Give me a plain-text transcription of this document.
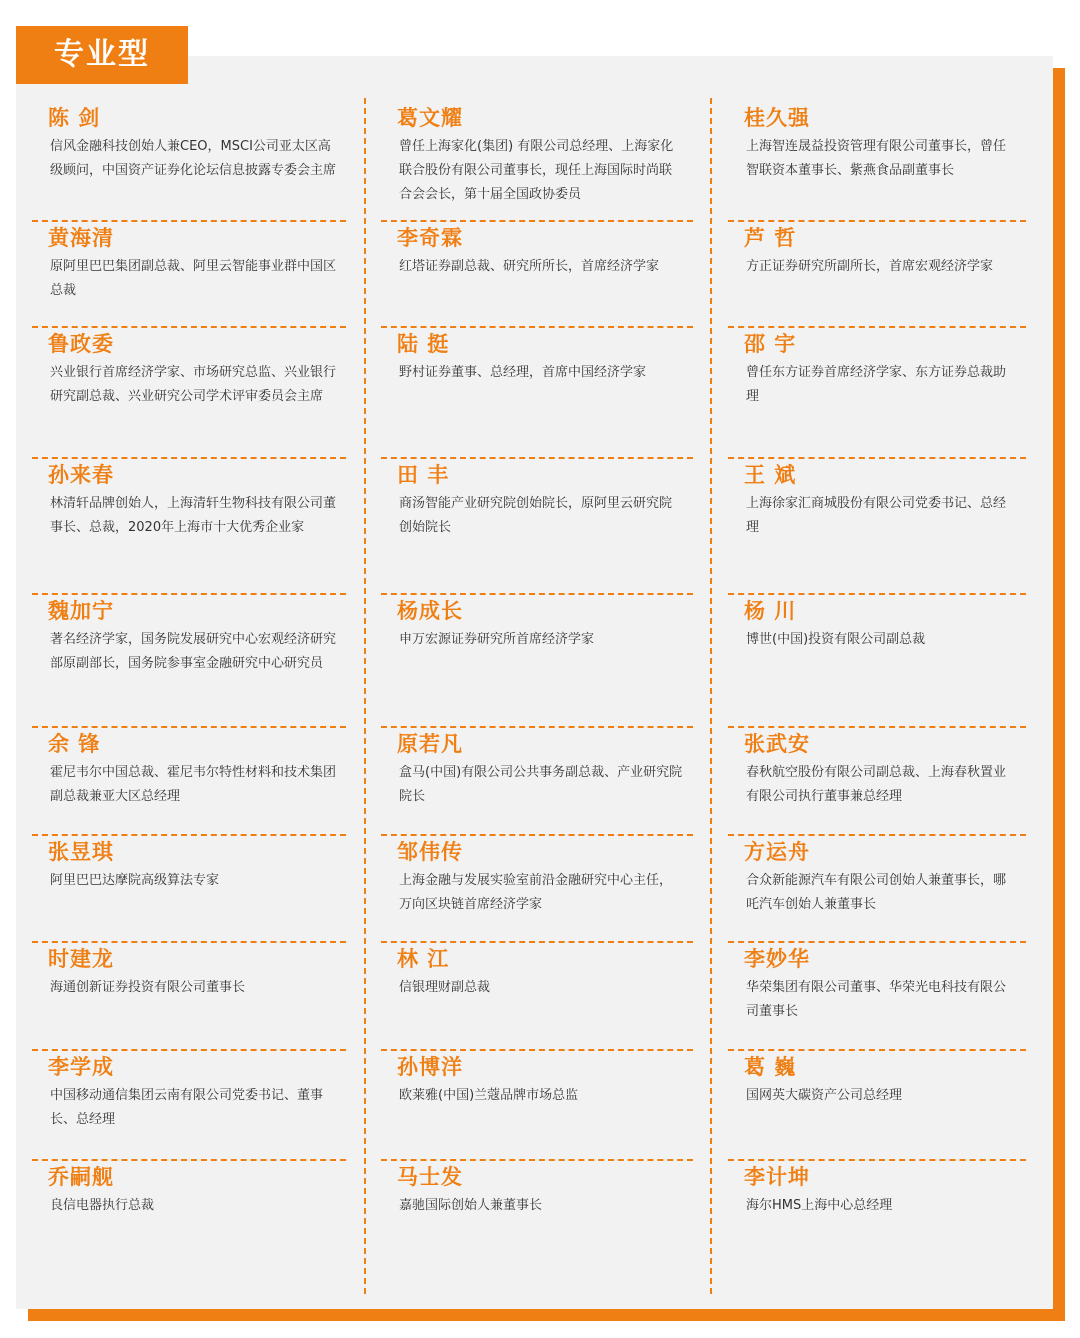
专业型
陈 剑
信风金融科技创始人兼CEO，MSCI公司亚太区高级顾问，中国资产证券化论坛信息披露专委会主席
黄海清
原阿里巴巴集团副总裁、阿里云智能事业群中国区总裁
鲁政委
兴业银行首席经济学家、市场研究总监、兴业银行研究副总裁、兴业研究公司学术评审委员会主席
孙来春
林清轩品牌创始人，上海清轩生物科技有限公司董事长、总裁，2020年上海市十大优秀企业家
魏加宁
著名经济学家，国务院发展研究中心宏观经济研究部原副部长，国务院参事室金融研究中心研究员
余 锋
霍尼韦尔中国总裁、霍尼韦尔特性材料和技术集团副总裁兼亚大区总经理
张昱琪
阿里巴巴达摩院高级算法专家
时建龙
海通创新证券投资有限公司董事长
李学成
中国移动通信集团云南有限公司党委书记、董事长、总经理
乔嗣舰
良信电器执行总裁
葛文耀
曾任上海家化(集团) 有限公司总经理、上海家化联合股份有限公司董事长，现任上海国际时尚联合会会长，第十届全国政协委员
李奇霖
红塔证券副总裁、研究所所长，首席经济学家
陆 挺
野村证券董事、总经理，首席中国经济学家
田 丰
商汤智能产业研究院创始院长，原阿里云研究院创始院长
杨成长
申万宏源证券研究所首席经济学家
原若凡
盒马(中国)有限公司公共事务副总裁、产业研究院院长
邹伟传
上海金融与发展实验室前沿金融研究中心主任，万向区块链首席经济学家
林 江
信银理财副总裁
孙博洋
欧莱雅(中国)兰蔻品牌市场总监
马士发
嘉驰国际创始人兼董事长
桂久强
上海智连晟益投资管理有限公司董事长，曾任智联资本董事长、紫燕食品副董事长
芦 哲
方正证券研究所副所长，首席宏观经济学家
邵 宇
曾任东方证券首席经济学家、东方证券总裁助理
王 斌
上海徐家汇商城股份有限公司党委书记、总经理
杨 川
博世(中国)投资有限公司副总裁
张武安
春秋航空股份有限公司副总裁、上海春秋置业有限公司执行董事兼总经理
方运舟
合众新能源汽车有限公司创始人兼董事长，哪吒汽车创始人兼董事长
李妙华
华荣集团有限公司董事、华荣光电科技有限公司董事长
葛 巍
国网英大碳资产公司总经理
李计坤
海尔HMS上海中心总经理
